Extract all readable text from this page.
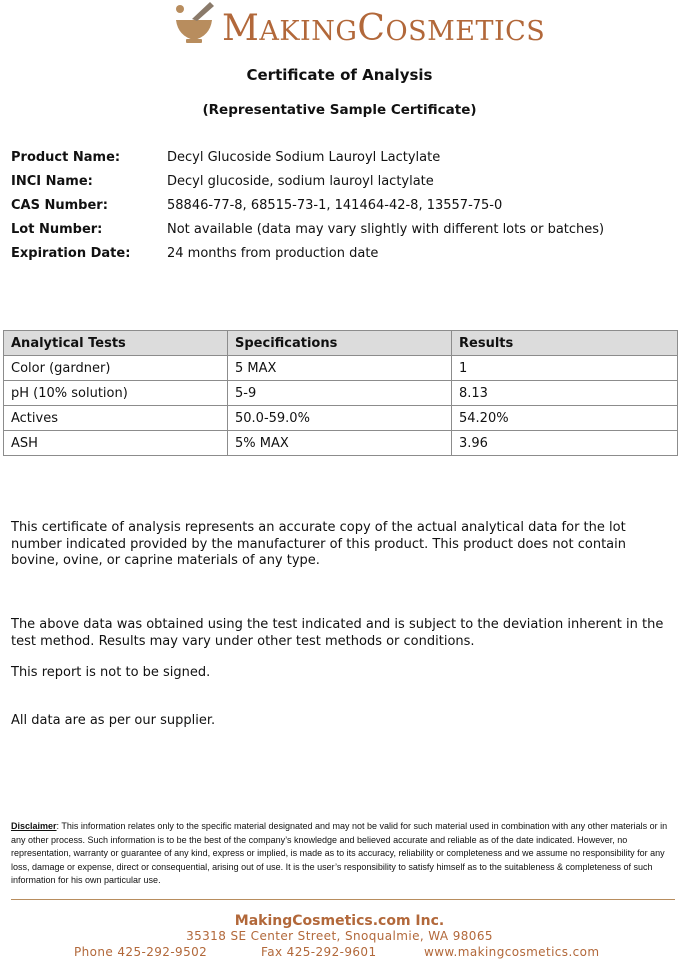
MAKINGCOSMETICS
Certificate of Analysis
(Representative Sample Certificate)
Product Name:	Decyl Glucoside Sodium Lauroyl Lactylate
INCI Name:	Decyl glucoside, sodium lauroyl lactylate
CAS Number:	58846-77-8, 68515-73-1, 141464-42-8, 13557-75-0
Lot Number:	Not available (data may vary slightly with different lots or batches)
Expiration Date:	24 months from production date
Analytical Tests	Specifications	Results
Color (gardner)	5 MAX	1
pH (10% solution)	5-9	8.13
Actives	50.0-59.0%	54.20%
ASH	5% MAX	3.96
This certificate of analysis represents an accurate copy of the actual analytical data for the lot number indicated provided by the manufacturer of this product. This product does not contain bovine, ovine, or caprine materials of any type.
The above data was obtained using the test indicated and is subject to the deviation inherent in the test method. Results may vary under other test methods or conditions.
This report is not to be signed.
All data are as per our supplier.
Disclaimer: This information relates only to the specific material designated and may not be valid for such material used in combination with any other materials or in any other process. Such information is to be the best of the company’s knowledge and believed accurate and reliable as of the date indicated. However, no representation, warranty or guarantee of any kind, express or implied, is made as to its accuracy, reliability or completeness and we assume no responsibility for any loss, damage or expense, direct or consequential, arising out of use. It is the user’s responsibility to satisfy himself as to the suitableness & completeness of such information for his own particular use.
MakingCosmetics.com Inc.
35318 SE Center Street, Snoqualmie, WA 98065
Phone 425-292-9502	Fax 425-292-9601	www.makingcosmetics.com
